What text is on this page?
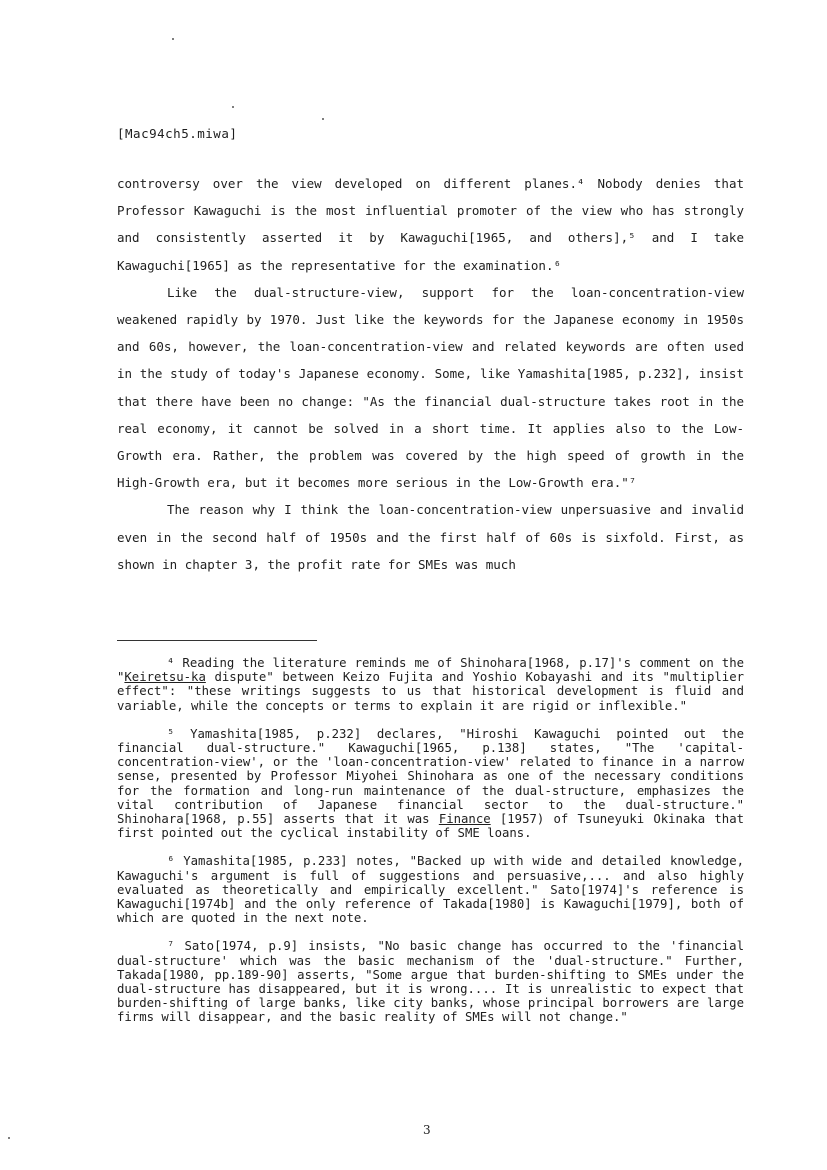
[Mac94ch5.miwa]

controversy over the view developed on different planes.⁴ Nobody denies that Professor Kawaguchi is the most influential promoter of the view who has strongly and consistently asserted it by Kawaguchi[1965, and others],⁵ and I take Kawaguchi[1965] as the representative for the examination.⁶

Like the dual-structure-view, support for the loan-concentration-view weakened rapidly by 1970. Just like the keywords for the Japanese economy in 1950s and 60s, however, the loan-concentration-view and related keywords are often used in the study of today's Japanese economy. Some, like Yamashita[1985, p.232], insist that there have been no change: "As the financial dual-structure takes root in the real economy, it cannot be solved in a short time. It applies also to the Low-Growth era. Rather, the problem was covered by the high speed of growth in the High-Growth era, but it becomes more serious in the Low-Growth era."⁷

The reason why I think the loan-concentration-view unpersuasive and invalid even in the second half of 1950s and the first half of 60s is sixfold. First, as shown in chapter 3, the profit rate for SMEs was much

⁴ Reading the literature reminds me of Shinohara[1968, p.17]'s comment on the "Keiretsu-ka dispute" between Keizo Fujita and Yoshio Kobayashi and its "multiplier effect": "these writings suggests to us that historical development is fluid and variable, while the concepts or terms to explain it are rigid or inflexible."

⁵ Yamashita[1985, p.232] declares, "Hiroshi Kawaguchi pointed out the financial dual-structure." Kawaguchi[1965, p.138] states, "The 'capital-concentration-view', or the 'loan-concentration-view' related to finance in a narrow sense, presented by Professor Miyohei Shinohara as one of the necessary conditions for the formation and long-run maintenance of the dual-structure, emphasizes the vital contribution of Japanese financial sector to the dual-structure." Shinohara[1968, p.55] asserts that it was Finance [1957) of Tsuneyuki Okinaka that first pointed out the cyclical instability of SME loans.

⁶ Yamashita[1985, p.233] notes, "Backed up with wide and detailed knowledge, Kawaguchi's argument is full of suggestions and persuasive,... and also highly evaluated as theoretically and empirically excellent." Sato[1974]'s reference is Kawaguchi[1974b] and the only reference of Takada[1980] is Kawaguchi[1979], both of which are quoted in the next note.

⁷ Sato[1974, p.9] insists, "No basic change has occurred to the 'financial dual-structure' which was the basic mechanism of the 'dual-structure." Further, Takada[1980, pp.189-90] asserts, "Some argue that burden-shifting to SMEs under the dual-structure has disappeared, but it is wrong.... It is unrealistic to expect that burden-shifting of large banks, like city banks, whose principal borrowers are large firms will disappear, and the basic reality of SMEs will not change."

3
